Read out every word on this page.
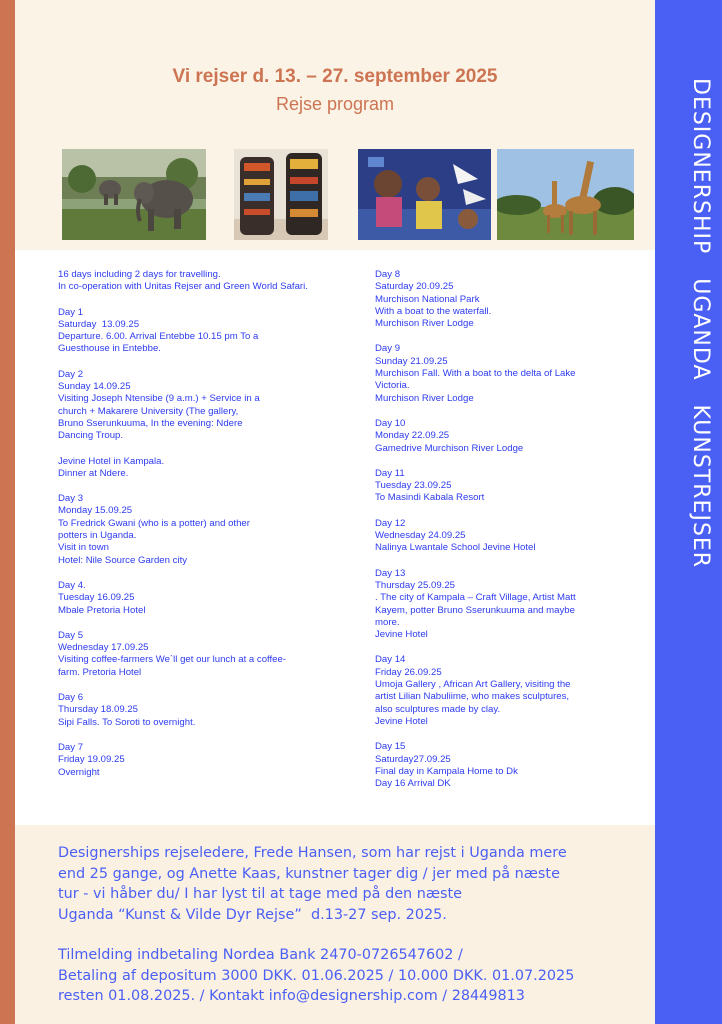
DESIGNERSHIP   UGANDA   KUNSTREJSER
Vi rejser d. 13. – 27. september 2025
Rejse program
16 days including 2 days for travelling.
In co-operation with Unitas Rejser and Green World Safari.
Day 1
Saturday  13.09.25
Departure. 6.00. Arrival Entebbe 10.15 pm To a
Guesthouse in Entebbe.
Day 2
Sunday 14.09.25
Visiting Joseph Ntensibe (9 a.m.) + Service in a
church + Makarere University (The gallery,
Bruno Sserunkuuma, In the evening: Ndere
Dancing Troup.
Jevine Hotel in Kampala.
Dinner at Ndere.
Day 3
Monday 15.09.25
To Fredrick Gwani (who is a potter) and other
potters in Uganda.
Visit in town
Hotel: Nile Source Garden city
Day 4.
Tuesday 16.09.25
Mbale Pretoria Hotel
Day 5
Wednesday 17.09.25
Visiting coffee-farmers We`ll get our lunch at a coffee-
farm. Pretoria Hotel
Day 6
Thursday 18.09.25
Sipi Falls. To Soroti to overnight.
Day 7
Friday 19.09.25
Overnight
Day 8
Saturday 20.09.25
Murchison National Park
With a boat to the waterfall.
Murchison River Lodge
Day 9
Sunday 21.09.25
Murchison Fall. With a boat to the delta of Lake
Victoria.
Murchison River Lodge
Day 10
Monday 22.09.25
Gamedrive Murchison River Lodge
Day 11
Tuesday 23.09.25
To Masindi Kabala Resort
Day 12
Wednesday 24.09.25
Nalinya Lwantale School Jevine Hotel
Day 13
Thursday 25.09.25
. The city of Kampala – Craft Village, Artist Matt
Kayem, potter Bruno Sserunkuuma and maybe
more.
Jevine Hotel
Day 14
Friday 26.09.25
Umoja Gallery , African Art Gallery, visiting the
artist Lilian Nabuliime, who makes sculptures,
also sculptures made by clay.
Jevine Hotel
Day 15
Saturday27.09.25
Final day in Kampala Home to Dk
Day 16 Arrival DK
Designerships rejseledere, Frede Hansen, som har rejst i Uganda mere
end 25 gange, og Anette Kaas, kunstner tager dig / jer med på næste
tur - vi håber du/ I har lyst til at tage med på den næste
Uganda “Kunst & Vilde Dyr Rejse”  d.13-27 sep. 2025.
Tilmelding indbetaling Nordea Bank 2470-0726547602 /
Betaling af depositum 3000 DKK. 01.06.2025 / 10.000 DKK. 01.07.2025
resten 01.08.2025. / Kontakt info@designership.com / 28449813
